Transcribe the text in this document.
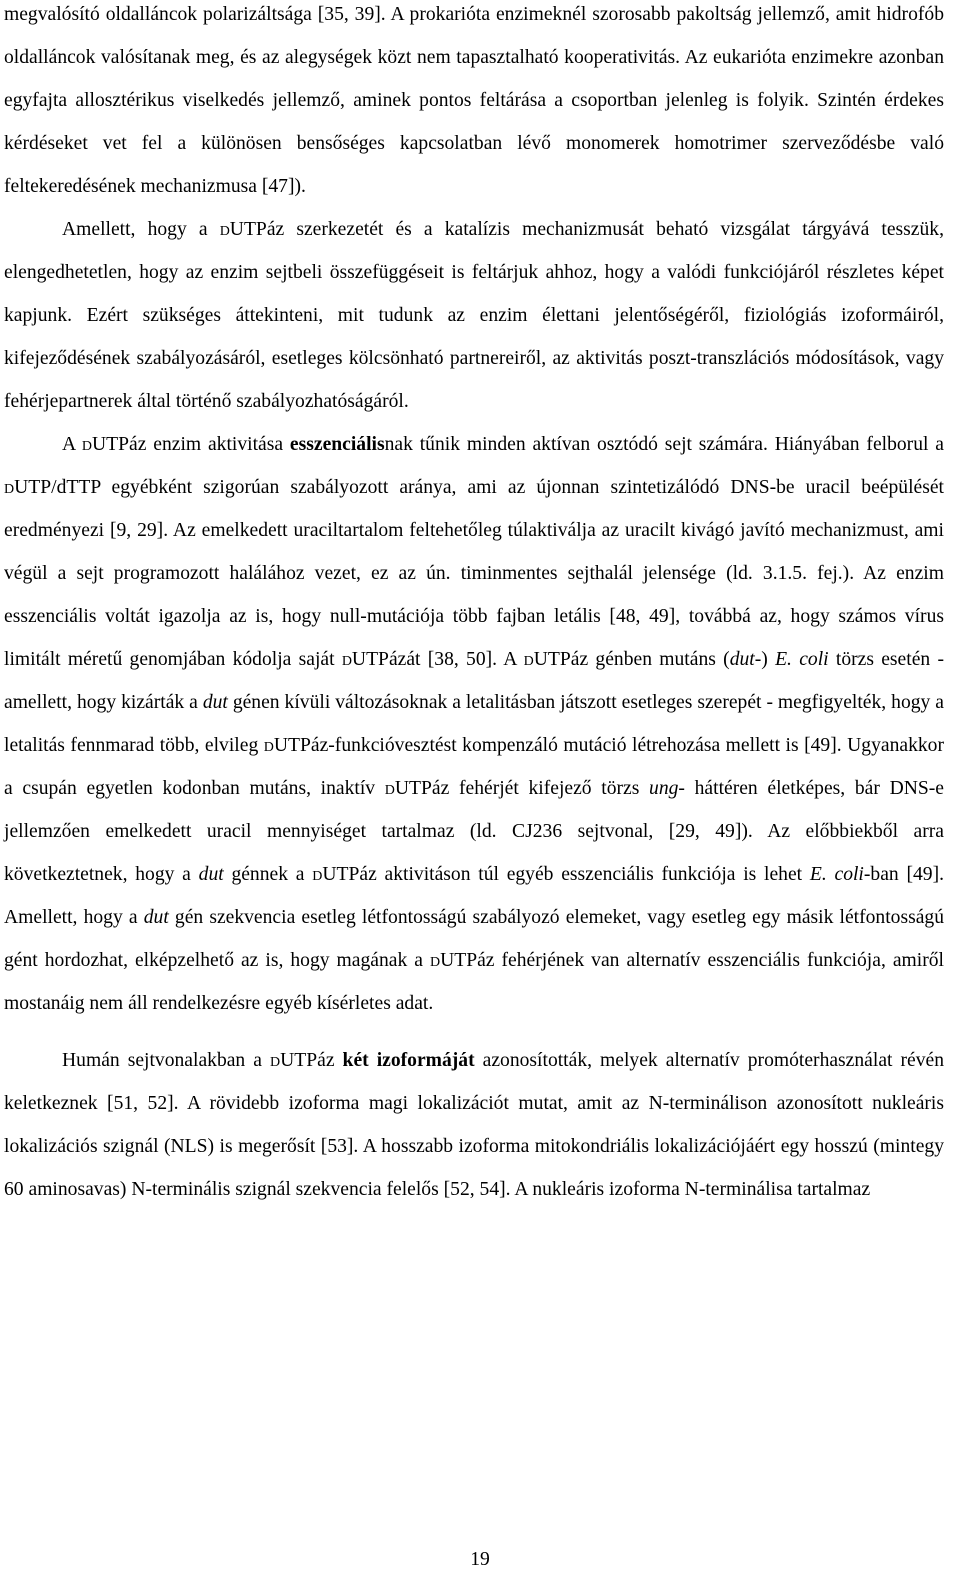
megvalósító oldalláncok polarizáltsága [35, 39]. A prokarióta enzimeknél szorosabb pakoltság jellemző, amit hidrofób oldalláncok valósítanak meg, és az alegységek közt nem tapasztalható kooperativitás. Az eukarióta enzimekre azonban egyfajta allosztérikus viselkedés jellemző, aminek pontos feltárása a csoportban jelenleg is folyik. Szintén érdekes kérdéseket vet fel a különösen bensőséges kapcsolatban lévő monomerek homotrimer szerveződésbe való feltekeredésének mechanizmusa [47]).

Amellett, hogy a dUTPáz szerkezetét és a katalízis mechanizmusát beható vizsgálat tárgyává tesszük, elengedhetetlen, hogy az enzim sejtbeli összefüggéseit is feltárjuk ahhoz, hogy a valódi funkciójáról részletes képet kapjunk. Ezért szükséges áttekinteni, mit tudunk az enzim élettani jelentőségéről, fiziológiás izoformáiról, kifejeződésének szabályozásáról, esetleges kölcsönható partnereiről, az aktivitás poszt-transzlációs módosítások, vagy fehérjepartnerek által történő szabályozhatóságáról.

A dUTPáz enzim aktivitása esszenciálisnak tűnik minden aktívan osztódó sejt számára. Hiányában felborul a dUTP/dTTP egyébként szigorúan szabályozott aránya, ami az újonnan szintetizálódó DNS-be uracil beépülését eredményezi [9, 29]. Az emelkedett uraciltartalom feltehetőleg túlaktiválja az uracilt kivágó javító mechanizmust, ami végül a sejt programozott halálához vezet, ez az ún. timinmentes sejthalál jelensége (ld. 3.1.5. fej.). Az enzim esszenciális voltát igazolja az is, hogy null-mutációja több fajban letális [48, 49], továbbá az, hogy számos vírus limitált méretű genomjában kódolja saját dUTPázát [38, 50]. A dUTPáz génben mutáns (dut-) E. coli törzs esetén - amellett, hogy kizárták a dut génen kívüli változásoknak a letalitásban játszott esetleges szerepét - megfigyelték, hogy a letalitás fennmarad több, elvileg dUTPáz-funkcióvesztést kompenzáló mutáció létrehozása mellett is [49]. Ugyanakkor a csupán egyetlen kodonban mutáns, inaktív dUTPáz fehérjét kifejező törzs ung- háttéren életképes, bár DNS-e jellemzően emelkedett uracil mennyiséget tartalmaz (ld. CJ236 sejtvonal, [29, 49]). Az előbbiekből arra következtetnek, hogy a dut génnek a dUTPáz aktivitáson túl egyéb esszenciális funkciója is lehet E. coli-ban [49]. Amellett, hogy a dut gén szekvencia esetleg létfontosságú szabályozó elemeket, vagy esetleg egy másik létfontosságú gént hordozhat, elképzelhető az is, hogy magának a dUTPáz fehérjének van alternatív esszenciális funkciója, amiről mostanáig nem áll rendelkezésre egyéb kísérletes adat.

Humán sejtvonalakban a dUTPáz két izoformáját azonosították, melyek alternatív promóterhasználat révén keletkeznek [51, 52]. A rövidebb izoforma magi lokalizációt mutat, amit az N-terminálison azonosított nukleáris lokalizációs szignál (NLS) is megerősít [53]. A hosszabb izoforma mitokondriális lokalizációjáért egy hosszú (mintegy 60 aminosavas) N-terminális szignál szekvencia felelős [52, 54]. A nukleáris izoforma N-terminálisa tartalmaz

19
